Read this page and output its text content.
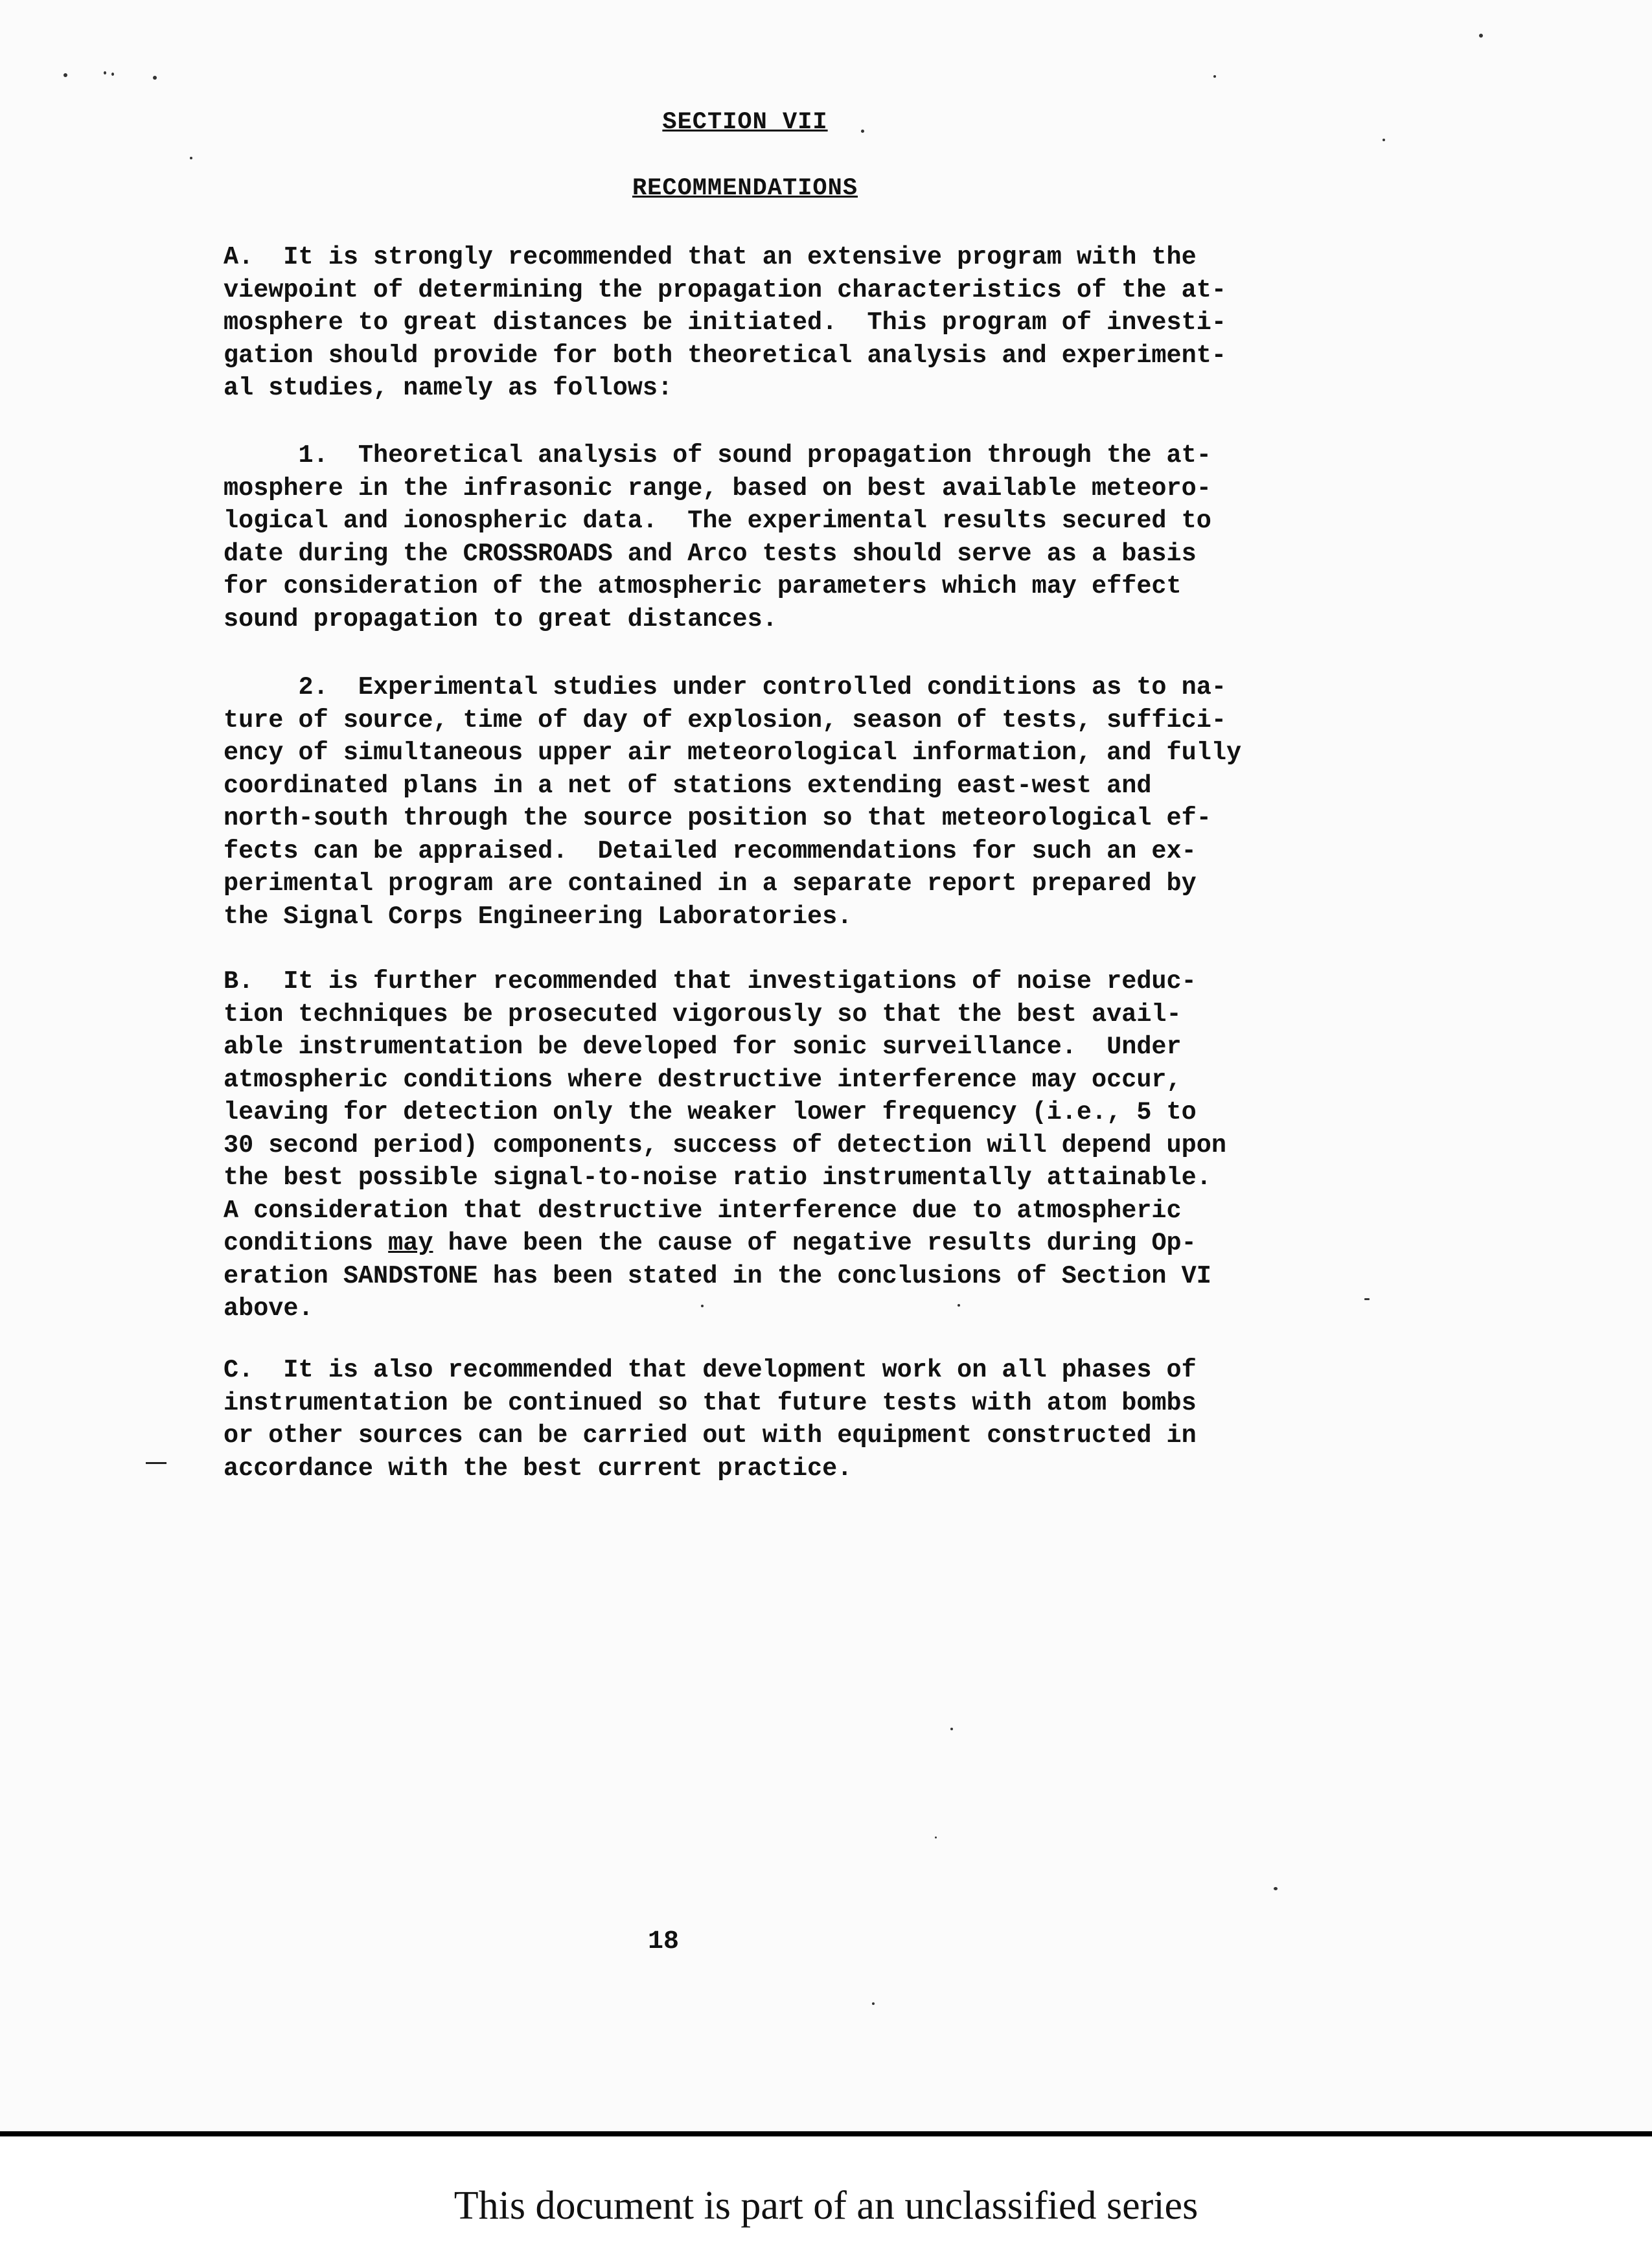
SECTION VII
RECOMMENDATIONS
A.  It is strongly recommended that an extensive program with the
viewpoint of determining the propagation characteristics of the at-
mosphere to great distances be initiated.  This program of investi-
gation should provide for both theoretical analysis and experiment-
al studies, namely as follows:
1.  Theoretical analysis of sound propagation through the at-
mosphere in the infrasonic range, based on best available meteoro-
logical and ionospheric data.  The experimental results secured to
date during the CROSSROADS and Arco tests should serve as a basis
for consideration of the atmospheric parameters which may effect
sound propagation to great distances.
2.  Experimental studies under controlled conditions as to na-
ture of source, time of day of explosion, season of tests, suffici-
ency of simultaneous upper air meteorological information, and fully
coordinated plans in a net of stations extending east-west and
north-south through the source position so that meteorological ef-
fects can be appraised.  Detailed recommendations for such an ex-
perimental program are contained in a separate report prepared by
the Signal Corps Engineering Laboratories.
B.  It is further recommended that investigations of noise reduc-
tion techniques be prosecuted vigorously so that the best avail-
able instrumentation be developed for sonic surveillance.  Under
atmospheric conditions where destructive interference may occur,
leaving for detection only the weaker lower frequency (i.e., 5 to
30 second period) components, success of detection will depend upon
the best possible signal-to-noise ratio instrumentally attainable.
A consideration that destructive interference due to atmospheric
conditions may have been the cause of negative results during Op-
eration SANDSTONE has been stated in the conclusions of Section VI
above.
C.  It is also recommended that development work on all phases of
instrumentation be continued so that future tests with atom bombs
or other sources can be carried out with equipment constructed in
accordance with the best current practice.
18
This document is part of an unclassified series
